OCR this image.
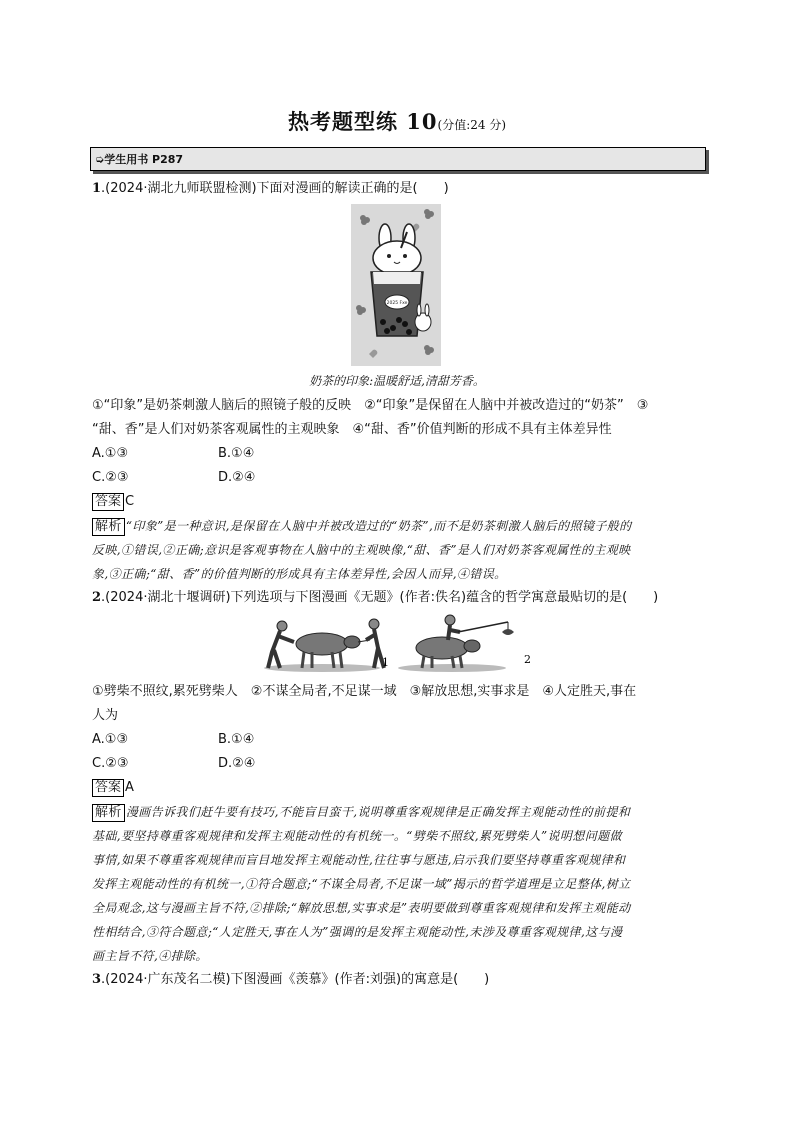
热考题型练 10(分值:24 分)
➭学生用书 P287
1.(2024·湖北九师联盟检测)下面对漫画的解读正确的是(　　)
2025 Fxe
奶茶的印象:温暖舒适,清甜芳香。
①“印象”是奶茶刺激人脑后的照镜子般的反映　②“印象”是保留在人脑中并被改造过的“奶茶”　③
“甜、香”是人们对奶茶客观属性的主观映象　④“甜、香”价值判断的形成不具有主体差异性
A.①③	B.①④
C.②③	D.②④
答案 C
解析 “印象”是一种意识,是保留在人脑中并被改造过的“奶茶”,而不是奶茶刺激人脑后的照镜子般的
反映,①错误,②正确;意识是客观事物在人脑中的主观映像,“甜、香”是人们对奶茶客观属性的主观映
象,③正确;“甜、香”的价值判断的形成具有主体差异性,会因人而异,④错误。
2.(2024·湖北十堰调研)下列选项与下图漫画《无题》(作者:佚名)蕴含的哲学寓意最贴切的是(　　)
1	2
①劈柴不照纹,累死劈柴人　②不谋全局者,不足谋一域　③解放思想,实事求是　④人定胜天,事在
人为
A.①③	B.①④
C.②③	D.②④
答案 A
解析 漫画告诉我们赶牛要有技巧,不能盲目蛮干,说明尊重客观规律是正确发挥主观能动性的前提和
基础,要坚持尊重客观规律和发挥主观能动性的有机统一。“劈柴不照纹,累死劈柴人”说明想问题做
事情,如果不尊重客观规律而盲目地发挥主观能动性,往往事与愿违,启示我们要坚持尊重客观规律和
发挥主观能动性的有机统一,①符合题意;“不谋全局者,不足谋一域”揭示的哲学道理是立足整体,树立
全局观念,这与漫画主旨不符,②排除;“解放思想,实事求是”表明要做到尊重客观规律和发挥主观能动
性相结合,③符合题意;“人定胜天,事在人为”强调的是发挥主观能动性,未涉及尊重客观规律,这与漫
画主旨不符,④排除。
3.(2024·广东茂名二模)下图漫画《羡慕》(作者:刘强)的寓意是(　　)
